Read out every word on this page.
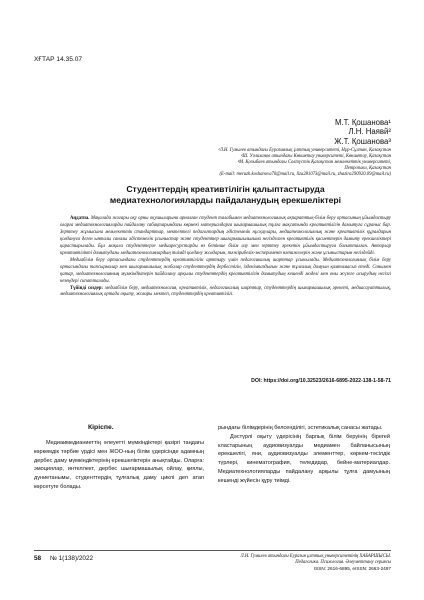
ХҒТАР 14.35.07
М.Т. Қошанова¹
Л.Н. Наявй²
Ж.Т. Қошанова³
¹Л.Н. Гумилев атындағы Еуразиялық ұлттық университеті, Нұр-Сұлтан, Қазақстан
²Ш. Уәлиханов атындағы Көкшетау университеті, Көкшетау, Қазақстан
³М. Қозыбаев атындағы Солтүстік Қазақстан мемлекеттік университеті,
Петропавл, Қазақстан
(E-mail: meruzh.koshanova70@mail.ru, liza281073@mail.ru, zhazira290920.09@mail.ru)
Студенттердің креативтілігін қалыптастыруда
медиатехнологияларды пайдаланудың ерекшеліктері

Аңдатпа. Мақалада жоғары оқу орны оқушыларына арналған студент талабымен медиатехнологиялық ақпараттық-білім беру ортасының ұйымдастыру оларға медиатехнологияларды пайдалану сабақтарындағы көрмекі материалдарға шығармашылық тұлға мақсатында креативтілігін дамытуға сұраныс бар. Зерттеу жұмысына мемлекеттік стандарттар, мектептегі педагогтардың әдістемелік нұсқаулары, медиатехнологиялық және креативтілік құралдарын қолдануға деген ынталы саналы әдістемелік ұсыныстар және студенттер шығармашылығына негізделген креативтілік қасиеттерін дамыту ерекшеліктері қарастырылады. Бұл мақала студенттерге медиаресурстарды өз бетінше білім алу мен зерттеу әрекетін ұйымдастыруға бағытталған. Авторлар креативтілікті дамытудағы медиатехнологиялардың тиімді қолдану жолдарын, тәжірибелік-эксперимент нәтижелерін және ұсыныстарын негіздейді.

Медиабілім беру ортасындағы студенттердің креативтілігін арттыру үшін педагогикалық шарттар ұсынылады. Медиатехнологиялық білім беру ортасындағы тапсырмалар мен шығармашылық жобалар студенттердің дербестігін, ізденімпаздығын және тұлғалық дамуын қамтамасыз етеді. Сонымен қатар, медиатехнологияның мүмкіндіктерін пайдалану арқылы студенттердің креативтілігін дамытудың кешенді моделі мен оны жүзеге асырудың негізгі кезеңдері сипатталады.

Түйінді сөздер: медиабілім беру, медиатехнология, креативтілік, педагогикалық шарттар, студенттердің шығармашылық әрекеті, медиасауаттылық, медиатехнологиялық ортада оқыту, жоғары мектеп, студенттердің креативтілігі.

DOI: https://doi.org/10.32523/2616-6895-2022-138-1-58-71
Кіріспе.

Медиаимедианиеттің әлеуетті мүмкіндіктері қазіргі таңдағы көркемдік тәрбие үрдісі мен ЖОО-ның білім үдерісінде адамның дербес даму мүмкіндіктерінің ерекшеліктерін анықтайды. Оларға: эмоциялар, интеллект, дербес шығармашылық ойлау, қиялы, дүниетанымы, студенттердің тұлғалық даму циклі деп атап көрсетуге болады.

рындағы білімдерінің белсенділігі, эстетикалық санасы жатады.

Дәстүрлі оқыту үдерісінің барлық білім беруінің бірегей кластарының аудиовизуалды медиамен байланысының ерекшелігі, яни, аудиовизуалды элементтер, көркем-тәсілдік түрлері, кинематография, теледидар, бейне-материалдар. Медиатехнологияларды пайдалану арқылы тұлға дамуының кешенді жүйесін құру тиімді.

58 № 1(138)/2022	Л.Н. Гумилев атындағы Еуразия ұлттық университетінің ХАБАРШЫСЫ.
Педагогика. Психология. Әлеуметтану сериясы
ISSN: 2616-6895, eISSN: 2663-2497
